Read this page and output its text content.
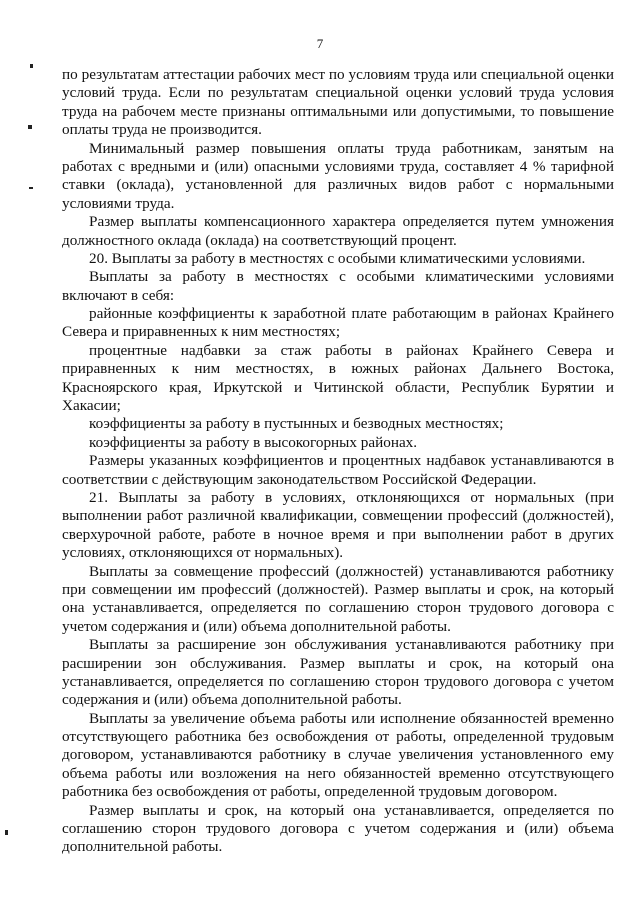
7
по результатам аттестации рабочих мест по условиям труда или специальной оценки
условий труда. Если по результатам специальной оценки условий труда условия
труда на рабочем месте признаны оптимальными или допустимыми, то повышение
оплаты труда не производится.
Минимальный размер повышения оплаты труда работникам, занятым на
работах с вредными и (или) опасными условиями труда, составляет 4 % тарифной
ставки (оклада), установленной для различных видов работ с нормальными
условиями труда.
Размер выплаты компенсационного характера определяется путем умножения
должностного оклада (оклада) на соответствующий процент.
20. Выплаты за работу в местностях с особыми климатическими условиями.
Выплаты за работу в местностях с особыми климатическими условиями
включают в себя:
районные коэффициенты к заработной плате работающим в районах Крайнего
Севера и приравненных к ним местностях;
процентные надбавки за стаж работы в районах Крайнего Севера и
приравненных к ним местностях, в южных районах Дальнего Востока,
Красноярского края, Иркутской и Читинской области, Республик Бурятии и
Хакасии;
коэффициенты за работу в пустынных и безводных местностях;
коэффициенты за работу в высокогорных районах.
Размеры указанных коэффициентов и процентных надбавок устанавливаются в
соответствии с действующим законодательством Российской Федерации.
21. Выплаты за работу в условиях, отклоняющихся от нормальных (при
выполнении работ различной квалификации, совмещении профессий (должностей),
сверхурочной работе, работе в ночное время и при выполнении работ в других
условиях, отклоняющихся от нормальных).
Выплаты за совмещение профессий (должностей) устанавливаются работнику
при совмещении им профессий (должностей). Размер выплаты и срок, на который
она устанавливается, определяется по соглашению сторон трудового договора с
учетом содержания и (или) объема дополнительной работы.
Выплаты за расширение зон обслуживания устанавливаются работнику при
расширении зон обслуживания. Размер выплаты и срок, на который она
устанавливается, определяется по соглашению сторон трудового договора с учетом
содержания и (или) объема дополнительной работы.
Выплаты за увеличение объема работы или исполнение обязанностей временно
отсутствующего работника без освобождения от работы, определенной трудовым
договором, устанавливаются работнику в случае увеличения установленного ему
объема работы или возложения на него обязанностей временно отсутствующего
работника без освобождения от работы, определенной трудовым договором.
Размер выплаты и срок, на который она устанавливается, определяется по
соглашению сторон трудового договора с учетом содержания и (или) объема
дополнительной работы.
